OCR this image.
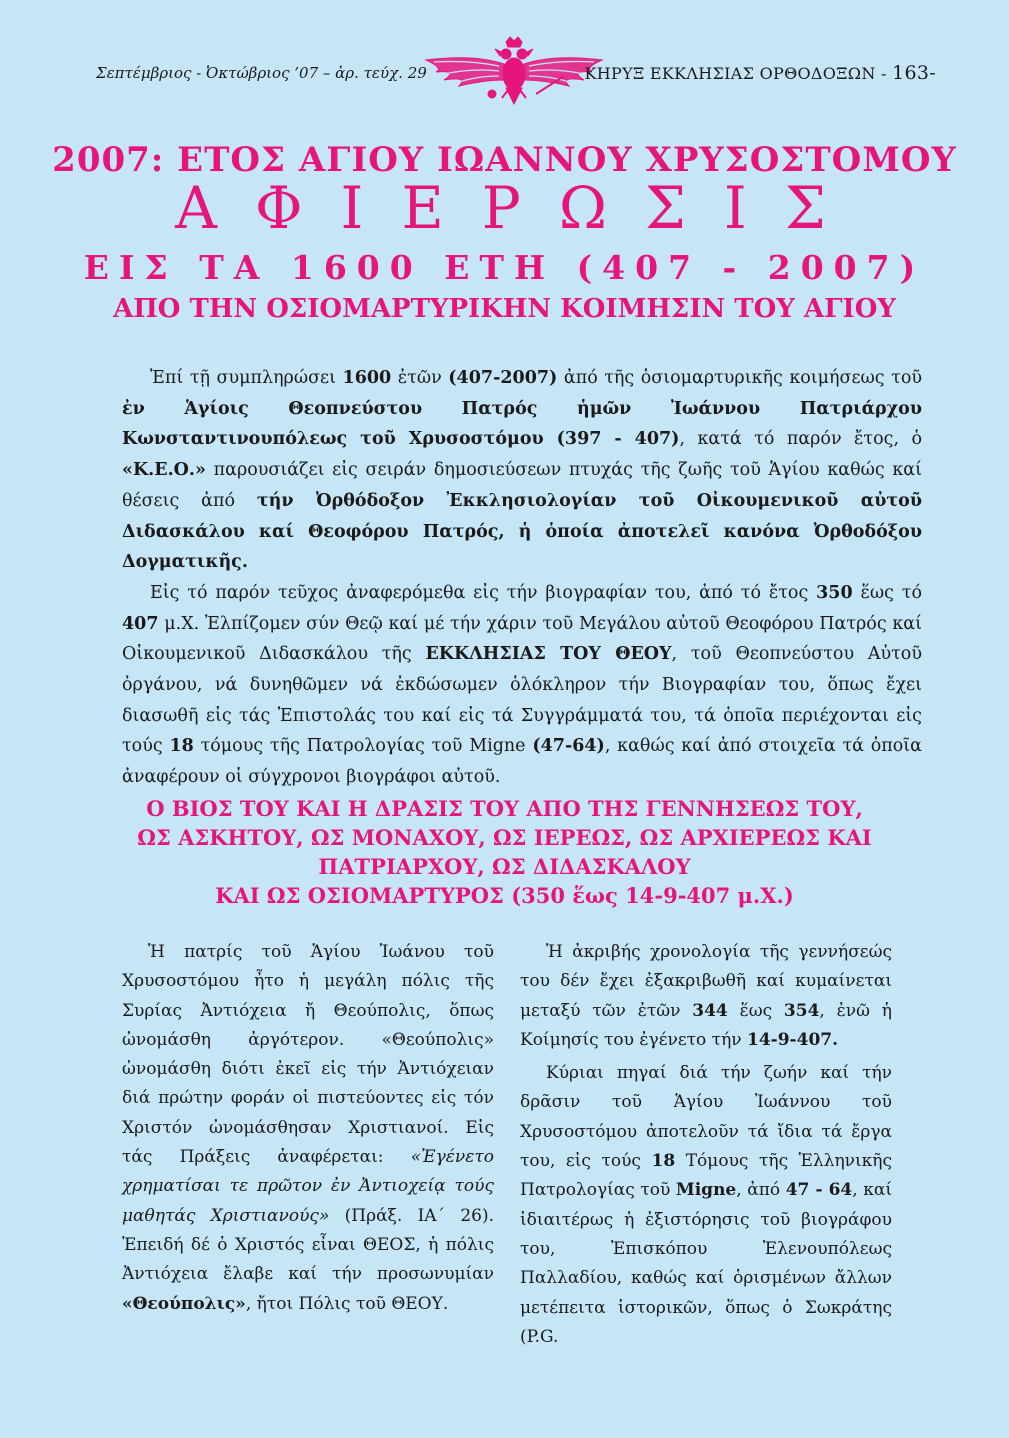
Σεπτέμβριος - Ὀκτώβριος ’07 – ἀρ. τεύχ. 29	ΚΗΡΥΞ ΕΚΚΛΗΣΙΑΣ ΟΡΘΟΔΟΞΩΝ - 163-
2007: ΕΤΟΣ ΑΓΙΟΥ ΙΩΑΝΝΟΥ ΧΡΥΣΟΣΤΟΜΟΥ
ΑΦΙΕΡΩΣΙΣ
ΕΙΣ ΤΑ 1600 ΕΤΗ (407 - 2007)
ΑΠΟ ΤΗΝ ΟΣΙΟΜΑΡΤΥΡΙΚΗΝ ΚΟΙΜΗΣΙΝ ΤΟΥ ΑΓΙΟΥ

Ἐπί τῇ συμπληρώσει 1600 ἐτῶν (407-2007) ἀπό τῆς ὁσιομαρτυρικῆς κοιμήσεως τοῦ ἐν Ἁγίοις Θεοπνεύστου Πατρός ἡμῶν Ἰωάννου Πατριάρχου Κωνσταντινουπόλεως τοῦ Χρυσοστόμου (397 - 407), κατά τό παρόν ἔτος, ὁ «Κ.Ε.Ο.» παρουσιάζει εἰς σειράν δημοσιεύσεων πτυχάς τῆς ζωῆς τοῦ Ἁγίου καθώς καί θέσεις ἀπό τήν Ὀρθόδοξον Ἐκκλησιολογίαν τοῦ Οἰκουμενικοῦ αὐτοῦ Διδασκάλου καί Θεοφόρου Πατρός, ἡ ὁποία ἀποτελεῖ κανόνα Ὀρθοδόξου Δογματικῆς.

Εἰς τό παρόν τεῦχος ἀναφερόμεθα εἰς τήν βιογραφίαν του, ἀπό τό ἔτος 350 ἕως τό 407 μ.Χ. Ἐλπίζομεν σύν Θεῷ καί μέ τήν χάριν τοῦ Μεγάλου αὐτοῦ Θεοφόρου Πατρός καί Οἰκουμενικοῦ Διδασκάλου τῆς ΕΚΚΛΗΣΙΑΣ ΤΟΥ ΘΕΟΥ, τοῦ Θεοπνεύστου Αὐτοῦ ὀργάνου, νά δυνηθῶμεν νά ἐκδώσωμεν ὁλόκληρον τήν Βιογραφίαν του, ὅπως ἔχει διασωθῆ εἰς τάς Ἐπιστολάς του καί εἰς τά Συγγράμματά του, τά ὁποῖα περιέχονται εἰς τούς 18 τόμους τῆς Πατρολογίας τοῦ Migne (47-64), καθώς καί ἀπό στοιχεῖα τά ὁποῖα ἀναφέρουν οἱ σύγχρονοι βιογράφοι αὐτοῦ.

Ο ΒΙΟΣ ΤΟΥ ΚΑΙ Η ΔΡΑΣΙΣ ΤΟΥ ΑΠΟ ΤΗΣ ΓΕΝΝΗΣΕΩΣ ΤΟΥ,
ΩΣ ΑΣΚΗΤΟΥ, ΩΣ ΜΟΝΑΧΟΥ, ΩΣ ΙΕΡΕΩΣ, ΩΣ ΑΡΧΙΕΡΕΩΣ ΚΑΙ
ΠΑΤΡΙΑΡΧΟΥ, ΩΣ ΔΙΔΑΣΚΑΛΟΥ
ΚΑΙ ΩΣ ΟΣΙΟΜΑΡΤΥΡΟΣ (350 ἕως 14-9-407 μ.Χ.)

Ἡ πατρίς τοῦ Ἁγίου Ἰωάνου τοῦ Χρυσοστόμου ἦτο ἡ μεγάλη πόλις τῆς Συρίας Ἀντιόχεια ἤ Θεούπολις, ὅπως ὠνομάσθη ἀργότερον. «Θεούπολις» ὠνομάσθη διότι ἐκεῖ εἰς τήν Ἀντιόχειαν διά πρώτην φοράν οἱ πιστεύοντες εἰς τόν Χριστόν ὠνομάσθησαν Χριστιανοί. Εἰς τάς Πράξεις ἀναφέρεται: «Ἐγένετο χρηματίσαι τε πρῶτον ἐν Ἀντιοχείᾳ τούς μαθητάς Χριστιανούς» (Πράξ. ΙΑ´ 26). Ἐπειδή δέ ὁ Χριστός εἶναι ΘΕΟΣ, ἡ πόλις Ἀντιόχεια ἔλαβε καί τήν προσωνυμίαν «Θεούπολις», ἤτοι Πόλις τοῦ ΘΕΟΥ.

Ἡ ἀκριβής χρονολογία τῆς γεννήσεώς του δέν ἔχει ἐξακριβωθῆ καί κυμαίνεται μεταξύ τῶν ἐτῶν 344 ἕως 354, ἐνῶ ἡ Κοίμησίς του ἐγένετο τήν 14-9-407.

Κύριαι πηγαί διά τήν ζωήν καί τήν δρᾶσιν τοῦ Ἁγίου Ἰωάννου τοῦ Χρυσοστόμου ἀποτελοῦν τά ἴδια τά ἔργα του, εἰς τούς 18 Τόμους τῆς Ἑλληνικῆς Πατρολογίας τοῦ Migne, ἀπό 47 - 64, καί ἰδιαιτέρως ἡ ἐξιστόρησις τοῦ βιογράφου του, Ἐπισκόπου Ἑλενουπόλεως Παλλαδίου, καθώς καί ὁρισμένων ἄλλων μετέπειτα ἱστορικῶν, ὅπως ὁ Σωκράτης (P.G.
